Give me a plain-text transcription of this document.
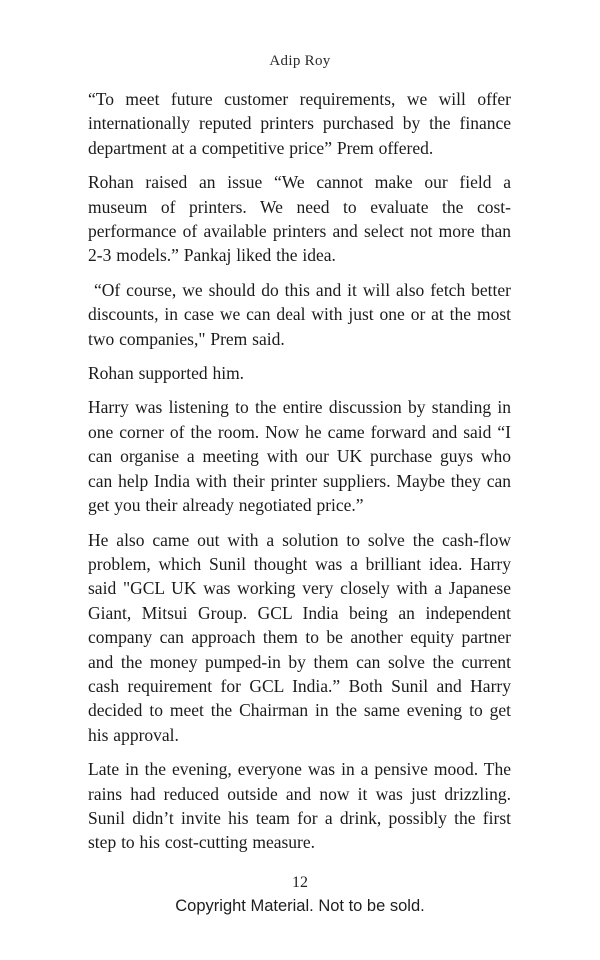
Adip Roy

“To meet future customer requirements, we will offer internationally reputed printers purchased by the finance department at a competitive price” Prem offered.

Rohan raised an issue “We cannot make our field a museum of printers. We need to evaluate the cost-performance of available printers and select not more than 2-3 models.” Pankaj liked the idea.

“Of course, we should do this and it will also fetch better discounts, in case we can deal with just one or at the most two companies," Prem said.

Rohan supported him.

Harry was listening to the entire discussion by standing in one corner of the room. Now he came forward and said “I can organise a meeting with our UK purchase guys who can help India with their printer suppliers. Maybe they can get you their already negotiated price.”

He also came out with a solution to solve the cash-flow problem, which Sunil thought was a brilliant idea. Harry said "GCL UK was working very closely with a Japanese Giant, Mitsui Group. GCL India being an independent company can approach them to be another equity partner and the money pumped-in by them can solve the current cash requirement for GCL India.” Both Sunil and Harry decided to meet the Chairman in the same evening to get his approval.

Late in the evening, everyone was in a pensive mood. The rains had reduced outside and now it was just drizzling. Sunil didn’t invite his team for a drink, possibly the first step to his cost-cutting measure.

12
Copyright Material. Not to be sold.
